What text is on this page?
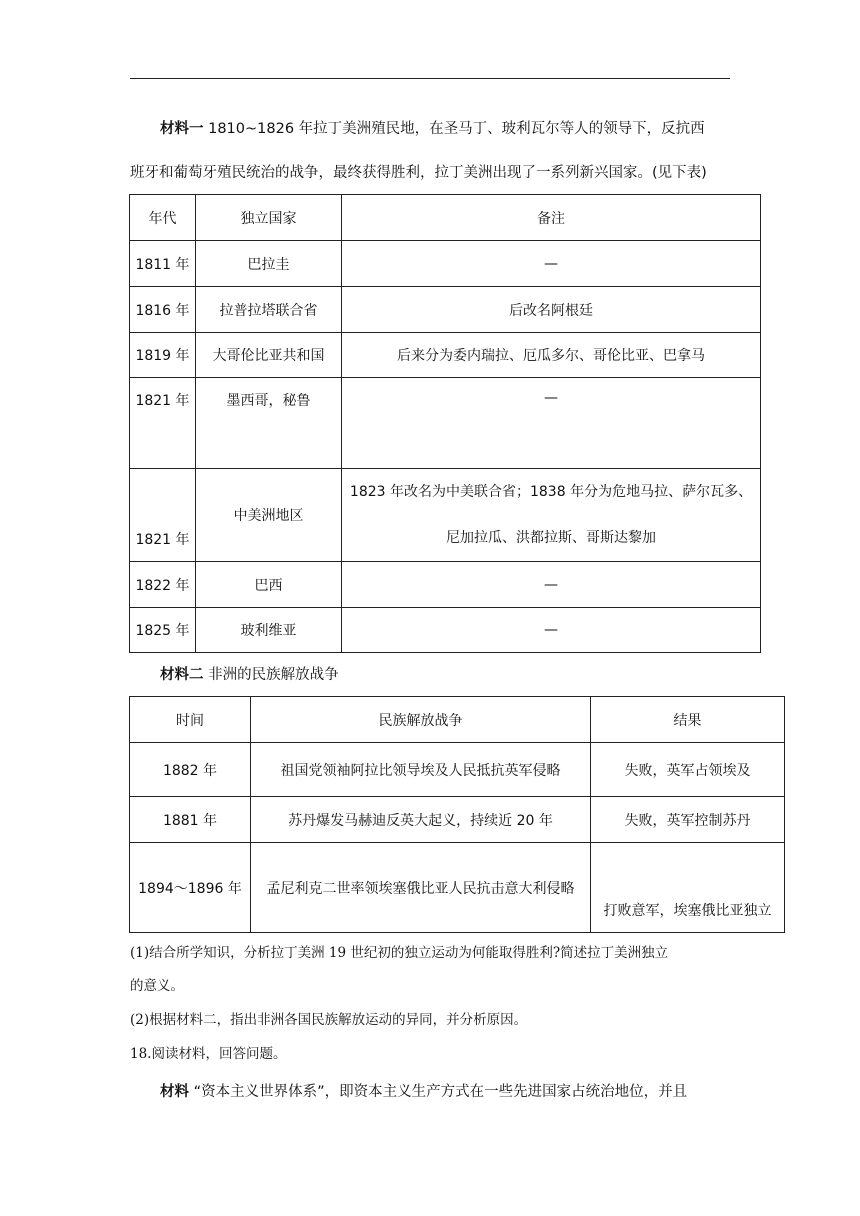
材料一 1810~1826 年拉丁美洲殖民地，在圣马丁、玻利瓦尔等人的领导下，反抗西
班牙和葡萄牙殖民统治的战争，最终获得胜利，拉丁美洲出现了一系列新兴国家。(见下表)
年代	独立国家	备注
1811 年	巴拉圭	—
1816 年	拉普拉塔联合省	后改名阿根廷
1819 年	大哥伦比亚共和国	后来分为委内瑞拉、厄瓜多尔、哥伦比亚、巴拿马
1821 年	墨西哥，秘鲁	—
1821 年	中美洲地区	1823 年改名为中美联合省；1838 年分为危地马拉、萨尔瓦多、
尼加拉瓜、洪都拉斯、哥斯达黎加

1822 年	巴西	—
1825 年	玻利维亚	—
材料二 非洲的民族解放战争
时间	民族解放战争	结果
1882 年	祖国党领袖阿拉比领导埃及人民抵抗英军侵略	失败，英军占领埃及
1881 年	苏丹爆发马赫迪反英大起义，持续近 20 年	失败，英军控制苏丹
1894～1896 年	孟尼利克二世率领埃塞俄比亚人民抗击意大利侵略	打败意军，埃塞俄比亚独立
(1)结合所学知识，分析拉丁美洲 19 世纪初的独立运动为何能取得胜利?简述拉丁美洲独立
的意义。
(2)根据材料二，指出非洲各国民族解放运动的异同，并分析原因。
18.阅读材料，回答问题。
材料 “资本主义世界体系”，即资本主义生产方式在一些先进国家占统治地位，并且
